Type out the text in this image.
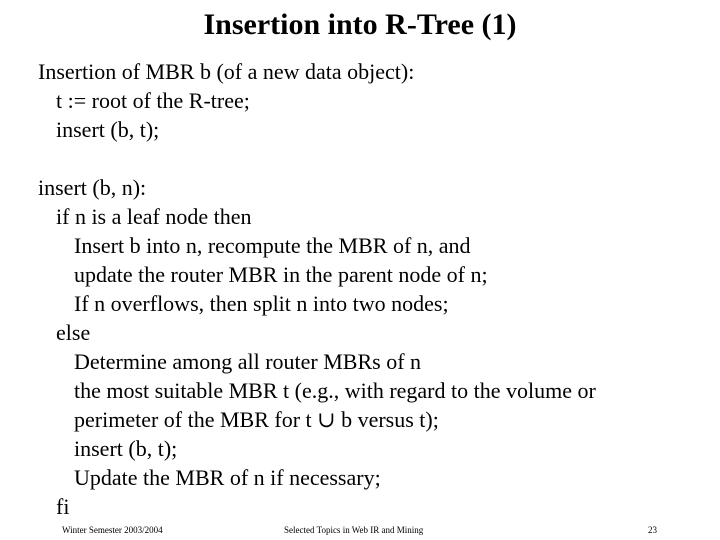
Insertion into R-Tree (1)
Insertion of MBR b (of a new data object):
t := root of the R-tree;
insert (b, t);
insert (b, n):
if n is a leaf node then
Insert b into n, recompute the MBR of n, and
update the router MBR in the parent node of n;
If n overflows, then split n into two nodes;
else
Determine among all router MBRs of n
the most suitable MBR t (e.g., with regard to the volume or
perimeter of the MBR for t ∪ b versus t);
insert (b, t);
Update the MBR of n if necessary;
fi
Winter Semester 2003/2004	Selected Topics in Web IR and Mining	23
